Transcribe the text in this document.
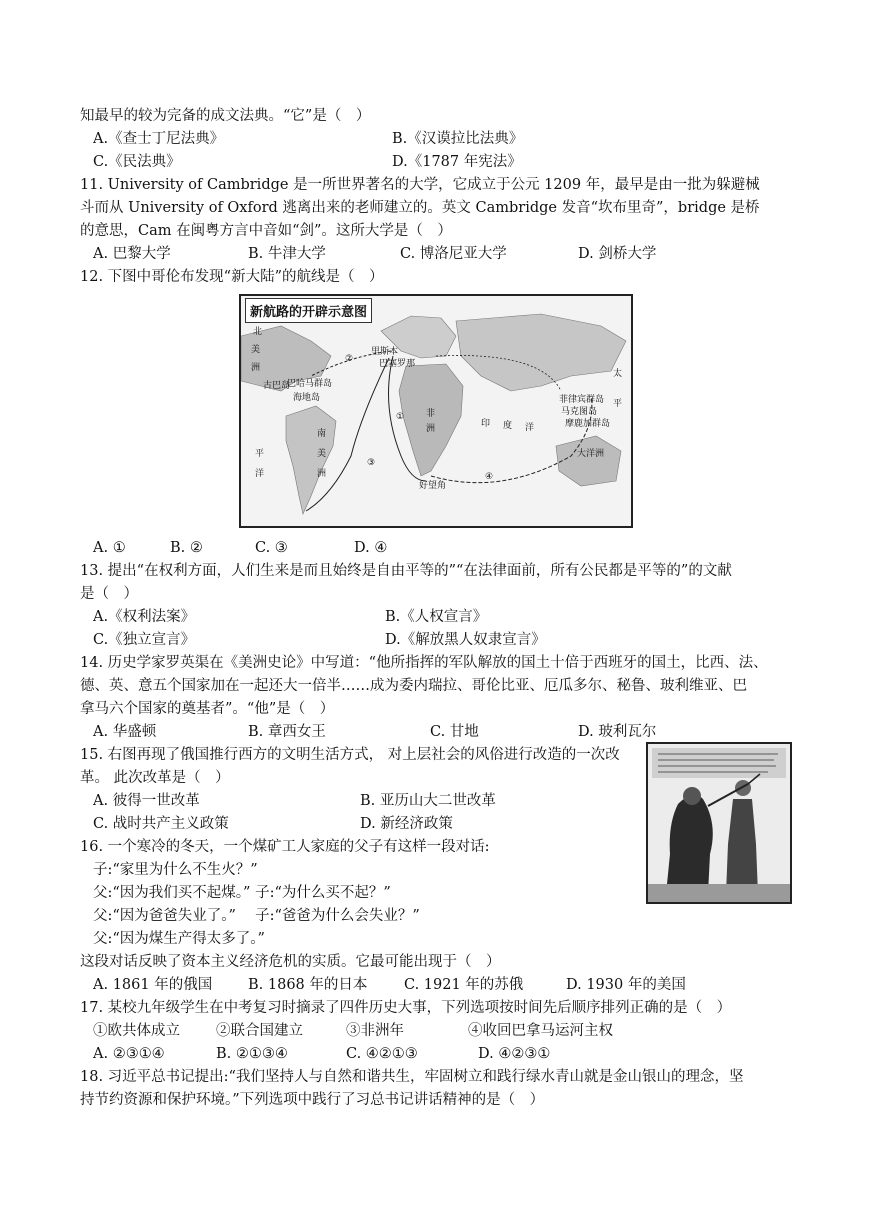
知最早的较为完备的成文法典。“它”是（　）
A.《查士丁尼法典》	B.《汉谟拉比法典》
C.《民法典》	D.《1787 年宪法》
11. University of Cambridge 是一所世界著名的大学，它成立于公元 1209 年，最早是由一批为躲避械
斗而从 University of Oxford 逃离出来的老师建立的。英文 Cambridge 发音“坎布里奇”，bridge 是桥
的意思，Cam 在闽粤方言中音如“剑”。这所大学是（　）
A. 巴黎大学	B. 牛津大学	C. 博洛尼亚大学	D. 剑桥大学
12. 下图中哥伦布发现“新大陆”的航线是（　）
新航路的开辟示意图
北
美
洲
古巴岛
巴哈马群岛
海地岛
南
美
洲
平
洋
里斯本
巴塞罗那
非
洲
好望角
印 度 洋
菲律宾群岛
马克图岛
摩鹿加群岛
大洋洲
太
平
①
②
③
④
A. ①	B. ②	C. ③	D. ④
13. 提出“在权利方面，人们生来是而且始终是自由平等的”“在法律面前，所有公民都是平等的”的文献
是（　）
A.《权利法案》	B.《人权宣言》
C.《独立宣言》	D.《解放黑人奴隶宣言》
14. 历史学家罗英渠在《美洲史论》中写道：“他所指挥的军队解放的国土十倍于西班牙的国土，比西、法、
德、英、意五个国家加在一起还大一倍半……成为委内瑞拉、哥伦比亚、厄瓜多尔、秘鲁、玻利维亚、巴
拿马六个国家的奠基者”。“他”是（　）
A. 华盛顿	B. 章西女王	C. 甘地	D. 玻利瓦尔
15. 右图再现了俄国推行西方的文明生活方式， 对上层社会的风俗进行改造的一次改
革。 此次改革是（　）
A. 彼得一世改革	B. 亚历山大二世改革
C. 战时共产主义政策	D. 新经济政策
16. 一个寒冷的冬天，一个煤矿工人家庭的父子有这样一段对话:
子:“家里为什么不生火？”
父:“因为我们买不起煤。” 子:“为什么买不起？”
父:“因为爸爸失业了。”　 子:“爸爸为什么会失业？”
父:“因为煤生产得太多了。”
这段对话反映了资本主义经济危机的实质。它最可能出现于（　）
A. 1861 年的俄国 B. 1868 年的日本	C. 1921 年的苏俄	D. 1930 年的美国
17. 某校九年级学生在中考复习时摘录了四件历史大事，下列选项按时间先后顺序排列正确的是（　）
①欧共体成立 ②联合国建立	③非洲年	④收回巴拿马运河主权
A. ②③①④	B. ②①③④	C. ④②①③	D. ④②③①
18. 习近平总书记提出:“我们坚持人与自然和谐共生，牢固树立和践行绿水青山就是金山银山的理念，坚
持节约资源和保护环境。”下列选项中践行了习总书记讲话精神的是（　）
